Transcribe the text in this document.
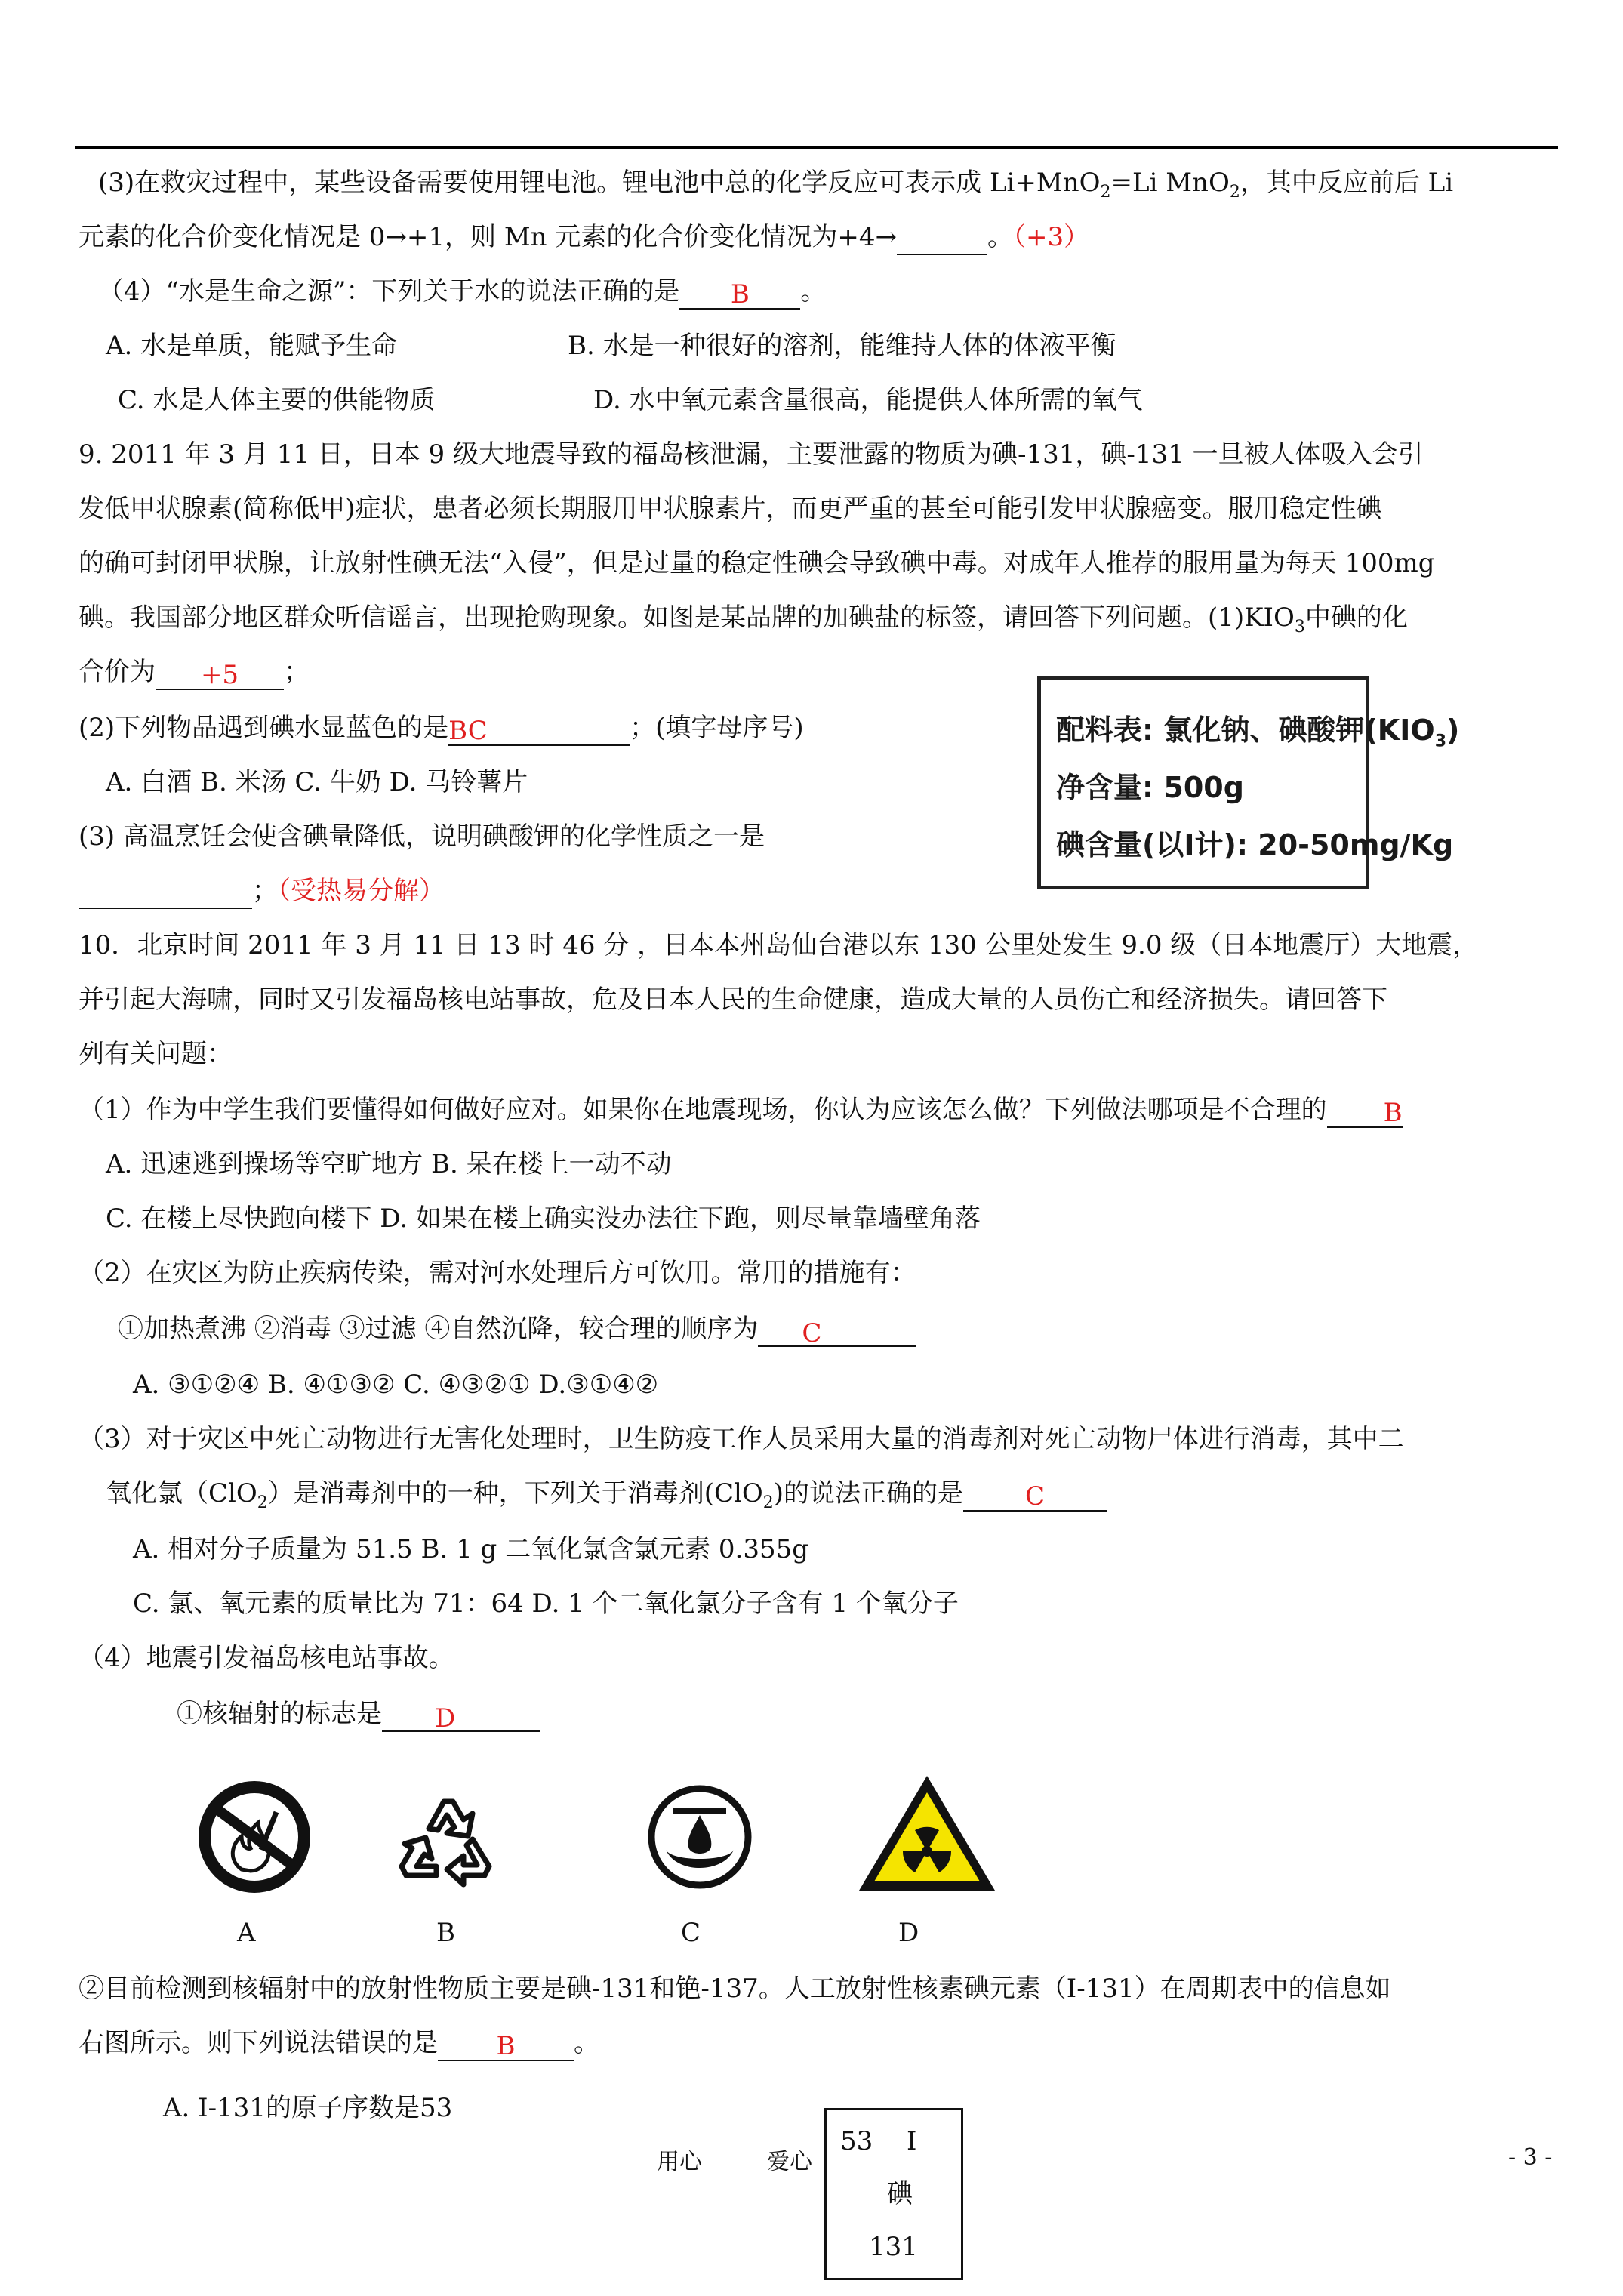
(3)在救灾过程中，某些设备需要使用锂电池。锂电池中总的化学反应可表示成 Li+MnO$_2$=Li MnO$_2$，其中反应前后 Li
元素的化合价变化情况是 0→+1，则 Mn 元素的化合价变化情况为+4→	。（+3）
（4）“水是生命之源”：下列关于水的说法正确的是 B 。
A. 水是单质，能赋予生命	B. 水是一种很好的溶剂，能维持人体的体液平衡
C. 水是人体主要的供能物质	D. 水中氧元素含量很高，能提供人体所需的氧气
9. 2011 年 3 月 11 日，日本 9 级大地震导致的福岛核泄漏，主要泄露的物质为碘-131，碘-131 一旦被人体吸入会引
发低甲状腺素(简称低甲)症状，患者必须长期服用甲状腺素片，而更严重的甚至可能引发甲状腺癌变。服用稳定性碘
的确可封闭甲状腺，让放射性碘无法“入侵”，但是过量的稳定性碘会导致碘中毒。对成年人推荐的服用量为每天 100mg
碘。我国部分地区群众听信谣言，出现抢购现象。如图是某品牌的加碘盐的标签，请回答下列问题。$(1)KIO_3$中碘的化
合价为 +5 ；
(2)下列物品遇到碘水显蓝色的是BC	；(填字母序号)
A. 白酒 B. 米汤 C. 牛奶 D. 马铃薯片
(3) 高温烹饪会使含碘量降低，说明碘酸钾的化学性质之一是
；（受热易分解）
配料表: 氯化钠、碘酸钾$(KIO_3)$
净含量: 500g
碘含量(以I计): 20-50mg/Kg
10．北京时间 2011 年 3 月 11 日 13 时 46 分 ，日本本州岛仙台港以东 130 公里处发生 9.0 级（日本地震厅）大地震，
并引起大海啸，同时又引发福岛核电站事故，危及日本人民的生命健康，造成大量的人员伤亡和经济损失。请回答下
列有关问题：
（1）作为中学生我们要懂得如何做好应对。如果你在地震现场，你认为应该怎么做？下列做法哪项是不合理的 B
A. 迅速逃到操场等空旷地方 B. 呆在楼上一动不动
C. 在楼上尽快跑向楼下 D. 如果在楼上确实没办法往下跑，则尽量靠墙壁角落
（2）在灾区为防止疾病传染，需对河水处理后方可饮用。常用的措施有：
①加热煮沸 ②消毒 ③过滤 ④自然沉降，较合理的顺序为 C
A. ③①②④ B. ④①③② C. ④③②① D.③①④②
（3）对于灾区中死亡动物进行无害化处理时，卫生防疫工作人员采用大量的消毒剂对死亡动物尸体进行消毒，其中二
氧化氯（ClO$_2$）是消毒剂中的一种，下列关于消毒剂(ClO$_2$)的说法正确的是 C
A. 相对分子质量为 51.5 B. 1 g 二氧化氯含氯元素 0.355g
C. 氯、氧元素的质量比为 71：64 D. 1 个二氧化氯分子含有 1 个氧分子
（4）地震引发福岛核电站事故。
①核辐射的标志是 D
A	B	C	D
②目前检测到核辐射中的放射性物质主要是碘-131和铯-137。人工放射性核素碘元素（I-131）在周期表中的信息如
右图所示。则下列说法错误的是 B 。
A. I-131的原子序数是53
53 I
碘
131
用心	爱心	- 3 -
